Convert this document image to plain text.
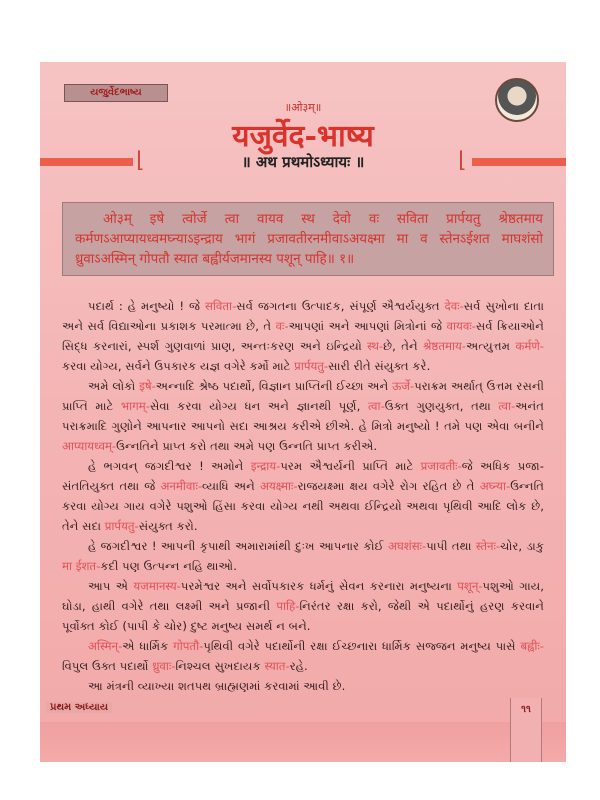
યજુર્વેદભાષ્ય
॥ओ३म्॥
यजुर्वेद-भाष्य
⌊	⌊
॥ अथ प्रथमोऽध्यायः ॥
ओ३म् इषे त्वोर्जे त्वा वायव स्थ देवो वः सविता प्रार्पयतु श्रेष्ठतमाय कर्मणऽआप्यायध्वमघ्न्याऽइन्द्राय भागं प्रजावतीरनमीवाऽअयक्ष्मा मा व स्तेनऽईशत माघशंसो ध्रुवाऽअस्मिन् गोपतौ स्यात बह्वीर्यजमानस्य पशून् पाहि॥ १॥

પદાર્થ : હે મનુષ્યો ! જે सविता-સર્વ જગતના ઉત્પાદક, સંપૂર્ણ ઐશ્વર્યયુક્ત देवः-સર્વ સુખોના દાતા અને સર્વ વિદ્યાઓના પ્રકાશક પરમાત્મા છે, તે वः-આપણાં અને આપણાં મિત્રોનાં જે वायवः-સર્વ ક્રિયાઓને સિદ્ધ કરનારાં, સ્પર્શ ગુણવાળાં પ્રાણ, અન્તઃકરણ અને ઇન્દ્રિયો स्थ-છે, તેને श्रेष्ठतमाय-અત્યુત્તમ कर्मणे-કરવા યોગ્ય, સર્વને ઉપકારક યજ્ઞ વગેરે કર્મો માટે प्रार्पयतु-સારી રીતે સંયુક્ત કરે.

અમે લોકો इषे-અન્નાદિ શ્રેષ્ઠ પદાર્થો, વિજ્ઞાન પ્રાપ્તિની ઈચ્છા અને ऊर्जे-પરાક્રમ અર્થાત્ ઉત્તમ રસની પ્રાપ્તિ માટે भागम्-સેવા કરવા યોગ્ય ધન અને જ્ઞાનથી પૂર્ણ, त्वा-ઉક્ત ગુણયુક્ત, તથા त्वा-અનંત પરાક્રમાદિ ગુણોને આપનાર આપનો સદા આશ્રય કરીએ છીએ. હે મિત્રો મનુષ્યો ! તમે પણ એવા બનીને आप्यायध्वम्-ઉન્નતિને પ્રાપ્ત કરો તથા અમે પણ ઉન્નતિ પ્રાપ્ત કરીએ.

હે ભગવન્ જગદીશ્વર ! અમોને इन्द्राय-પરમ ઐશ્વર્યની પ્રાપ્તિ માટે प्रजावतीः-જે અધિક પ્રજા-સંતતિયુક્ત તથા જે अनमीवाः-વ્યાધિ અને अयक्ष्माः-રાજયક્ષ્મા ક્ષય વગેરે રોગ રહિત છે તે अघ्न्या-ઉન્નતિ કરવા યોગ્ય ગાય વગેરે પશુઓ હિંસા કરવા યોગ્ય નથી અથવા ઈન્દ્રિયો અથવા પૃથિવી આદિ લોક છે, તેને સદા प्रार्पयतु-સંયુક્ત કરો.

હે જગદીશ્વર ! આપની કૃપાથી અમારામાંથી દુઃખ આપનાર કોઈ अघशंसः-પાપી તથા स्तेनः-ચોર, ડાકુ मा ईशत-કદી પણ ઉત્પન્ન નહિ થાઓ.

આપ એ यजमानस्य-પરમેશ્વર અને સર્વોપકારક ધર્મનું સેવન કરનારા મનુષ્યના पशून्-પશુઓ ગાય, ઘોડા, હાથી વગેરે તથા લક્ષ્મી અને પ્રજાની पाहि-નિરંતર રક્ષા કરો, જેથી એ પદાર્થોનું હરણ કરવાને પૂર્વોક્ત કોઈ (પાપી કે ચોર) દુષ્ટ મનુષ્ય સમર્થ ન બને.

अस्मिन्-એ ધાર્મિક गोपतौ-પૃથિવી વગેરે પદાર્થોની રક્ષા ઈચ્છનારા ધાર્મિક સજ્જન મનુષ્ય પાસે बह्वीः-વિપુલ ઉક્ત પદાર્થો ध्रुवाः-નિશ્ચલ સુખદાયક स्यात-રહે.

આ મંત્રની વ્યાખ્યા શતપથ બ્રાહ્મણમાં કરવામાં આવી છે.

પ્રથમ અધ્યાય	૧૧
